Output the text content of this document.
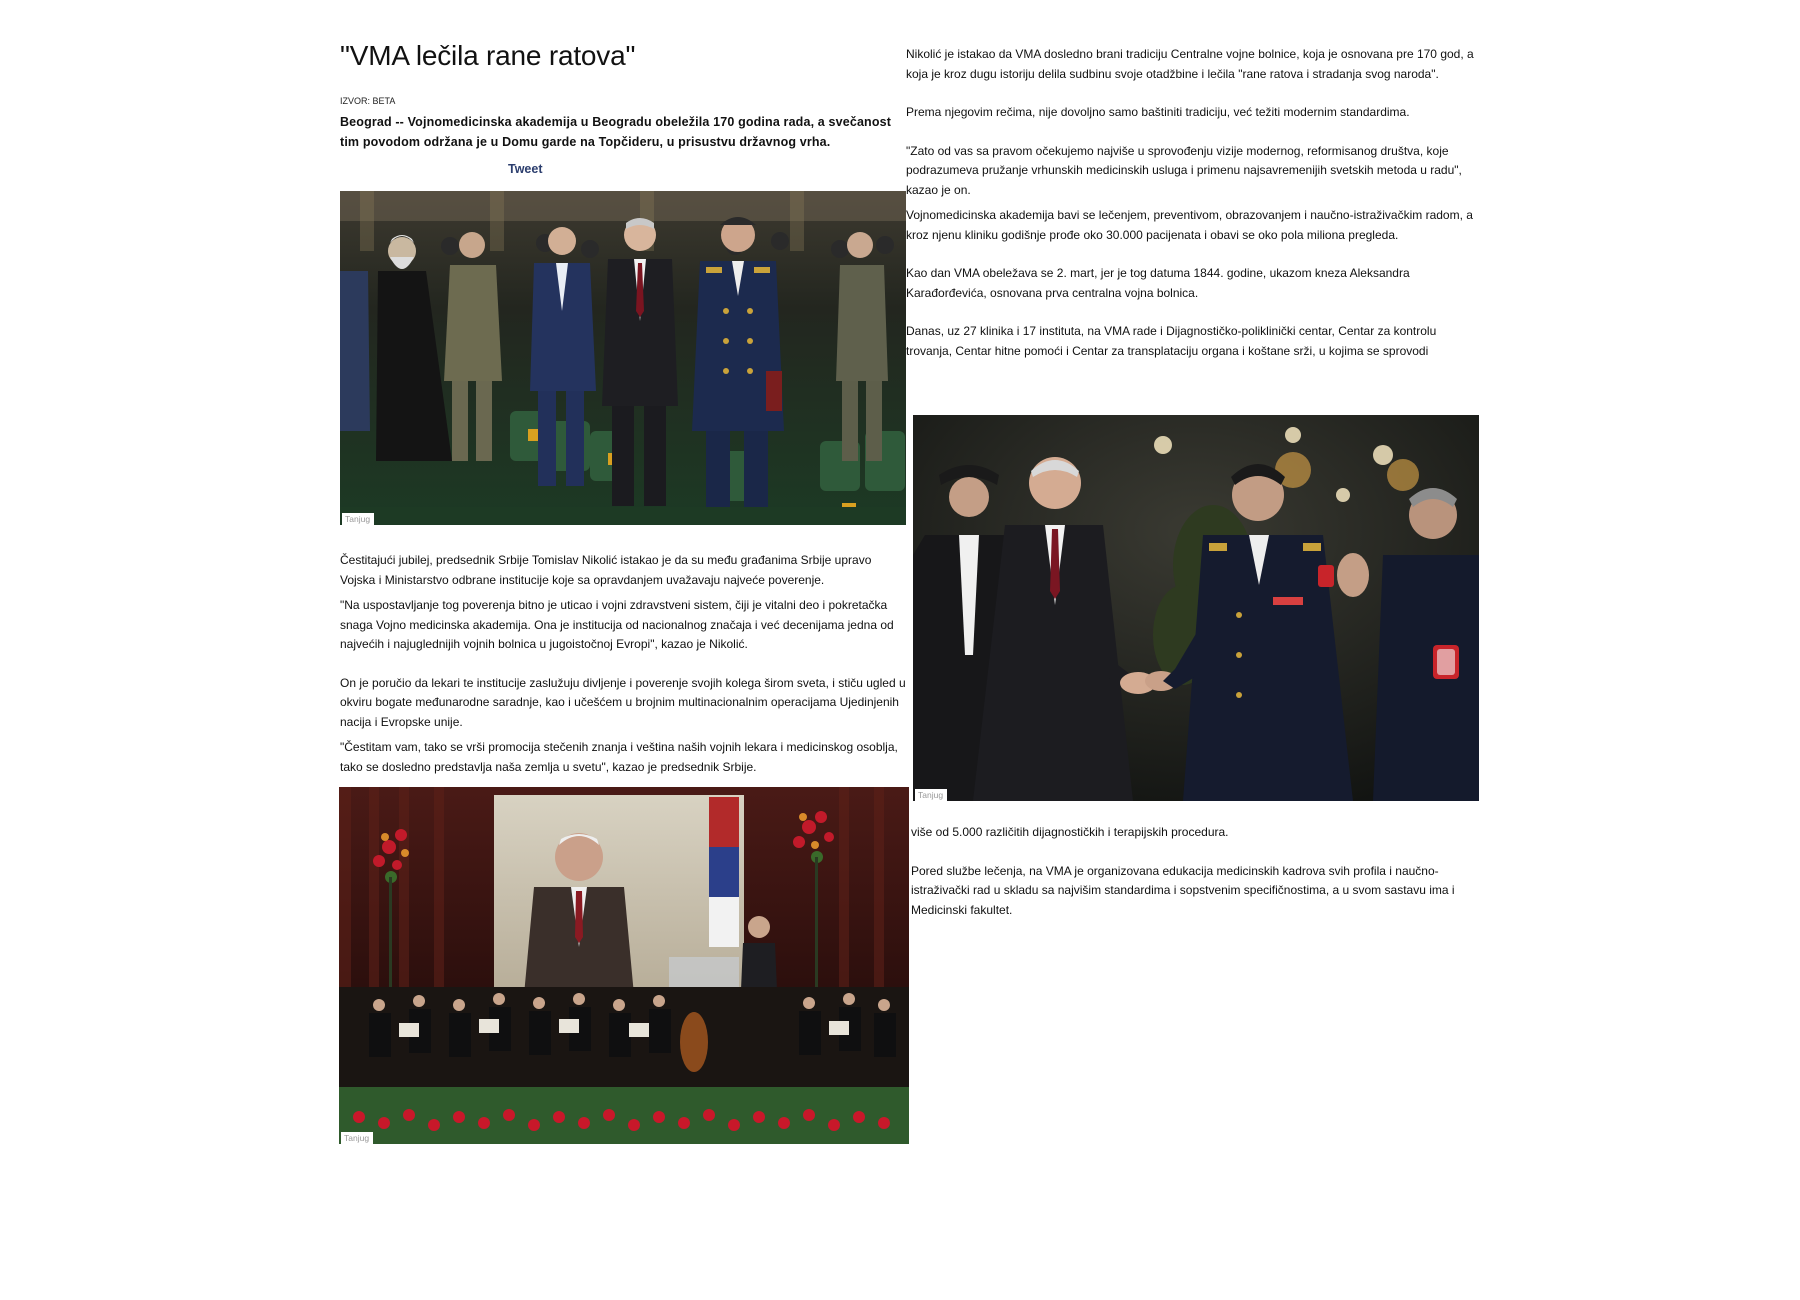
"VMA lečila rane ratova"
IZVOR: BETA
Beograd -- Vojnomedicinska akademija u Beogradu obeležila 170 godina rada, a svečanost tim povodom održana je u Domu garde na Topčideru, u prisustvu državnog vrha.
Tweet
Tanjug

Čestitajući jubilej, predsednik Srbije Tomislav Nikolić istakao je da su među građanima Srbije upravo Vojska i Ministarstvo odbrane institucije koje sa opravdanjem uvažavaju najveće poverenje.

"Na uspostavljanje tog poverenja bitno je uticao i vojni zdravstveni sistem, čiji je vitalni deo i pokretačka snaga Vojno medicinska akademija. Ona je institucija od nacionalnog značaja i već decenijama jedna od najvećih i najuglednijih vojnih bolnica u jugoistočnoj Evropi", kazao je Nikolić.

On je poručio da lekari te institucije zaslužuju divljenje i poverenje svojih kolega širom sveta, i stiču ugled u okviru bogate međunarodne saradnje, kao i učešćem u brojnim multinacionalnim operacijama Ujedinjenih nacija i Evropske unije.

"Čestitam vam, tako se vrši promocija stečenih znanja i veština naših vojnih lekara i medicinskog osoblja, tako se dosledno predstavlja naša zemlja u svetu", kazao je predsednik Srbije.

Tanjug

Nikolić je istakao da VMA dosledno brani tradiciju Centralne vojne bolnice, koja je osnovana pre 170 god, a koja je kroz dugu istoriju delila sudbinu svoje otadžbine i lečila "rane ratova i stradanja svog naroda".

Prema njegovim rečima, nije dovoljno samo baštiniti tradiciju, već težiti modernim standardima.

"Zato od vas sa pravom očekujemo najviše u sprovođenju vizije modernog, reformisanog društva, koje podrazumeva pružanje vrhunskih medicinskih usluga i primenu najsavremenijih svetskih metoda u radu", kazao je on.

Vojnomedicinska akademija bavi se lečenjem, preventivom, obrazovanjem i naučno-istraživačkim radom, a kroz njenu kliniku godišnje prođe oko 30.000 pacijenata i obavi se oko pola miliona pregleda.

Kao dan VMA obeležava se 2. mart, jer je tog datuma 1844. godine, ukazom kneza Aleksandra Karađorđevića, osnovana prva centralna vojna bolnica.

Danas, uz 27 klinika i 17 instituta, na VMA rade i Dijagnostičko-poliklinički centar, Centar za kontrolu trovanja, Centar hitne pomoći i Centar za transplataciju organa i koštane srži, u kojima se sprovodi

Tanjug

više od 5.000 različitih dijagnostičkih i terapijskih procedura.

Pored službe lečenja, na VMA je organizovana edukacija medicinskih kadrova svih profila i naučno-istraživački rad u skladu sa najvišim standardima i sopstvenim specifičnostima, a u svom sastavu ima i Medicinski fakultet.
